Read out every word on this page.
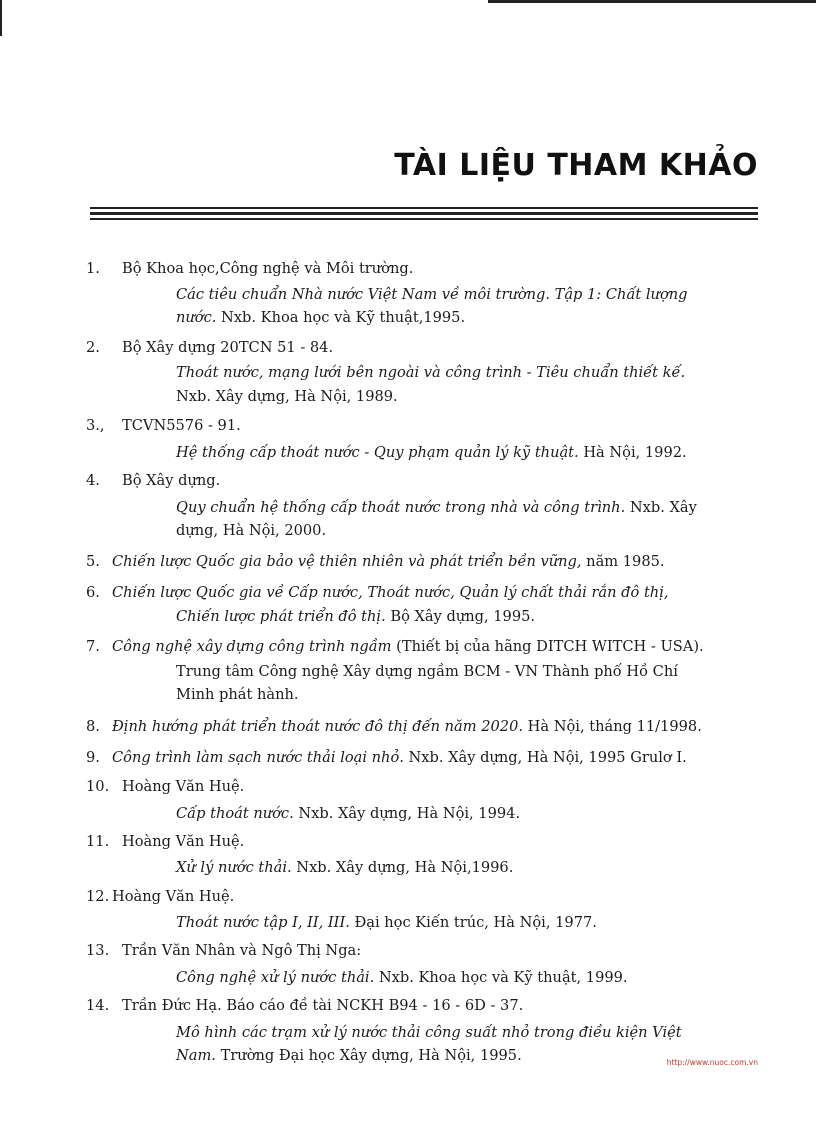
TÀI LIỆU THAM KHẢO
1.	Bộ Khoa học,Công nghệ và Môi trường.
Các tiêu chuẩn Nhà nước Việt Nam về môi trường. Tập 1: Chất lượng
nước. Nxb. Khoa học và Kỹ thuật,1995.
2.	Bộ Xây dựng 20TCN 51 - 84.
Thoát nước, mạng lưới bên ngoài và công trình - Tiêu chuẩn thiết kế.
Nxb. Xây dựng, Hà Nội, 1989.
3.,	TCVN5576 - 91.
Hệ thống cấp thoát nước - Quy phạm quản lý kỹ thuật. Hà Nội, 1992.
4.	Bộ Xây dựng.
Quy chuẩn hệ thống cấp thoát nước trong nhà và công trình. Nxb. Xây
dựng, Hà Nội, 2000.
5. Chiến lược Quốc gia bảo vệ thiên nhiên và phát triển bền vững, năm 1985.
6. Chiến lược Quốc gia về Cấp nước, Thoát nước, Quản lý chất thải rắn đô thị,
Chiến lược phát triển đô thị. Bộ Xây dựng, 1995.
7. Công nghệ xây dựng công trình ngầm (Thiết bị của hãng DITCH WITCH - USA).
Trung tâm Công nghệ Xây dựng ngầm BCM - VN Thành phố Hồ Chí
Minh phát hành.
8. Định hướng phát triển thoát nước đô thị đến năm 2020. Hà Nội, tháng 11/1998.
9. Công trình làm sạch nước thải loại nhỏ. Nxb. Xây dựng, Hà Nội, 1995 Grulơ I.
10. Hoàng Văn Huệ.
Cấp thoát nước. Nxb. Xây dựng, Hà Nội, 1994.
11. Hoàng Văn Huệ.
Xử lý nước thải. Nxb. Xây dựng, Hà Nội,1996.
12. Hoàng Văn Huệ.
Thoát nước tập I, II, III. Đại học Kiến trúc, Hà Nội, 1977.
13. Trần Văn Nhân và Ngô Thị Nga:
Công nghệ xử lý nước thải. Nxb. Khoa học và Kỹ thuật, 1999.
14. Trần Đức Hạ. Báo cáo đề tài NCKH B94 - 16 - 6D - 37.
Mô hình các trạm xử lý nước thải công suất nhỏ trong điều kiện Việt
Nam. Trường Đại học Xây dựng, Hà Nội, 1995.	http://www.nuoc.com.vn
